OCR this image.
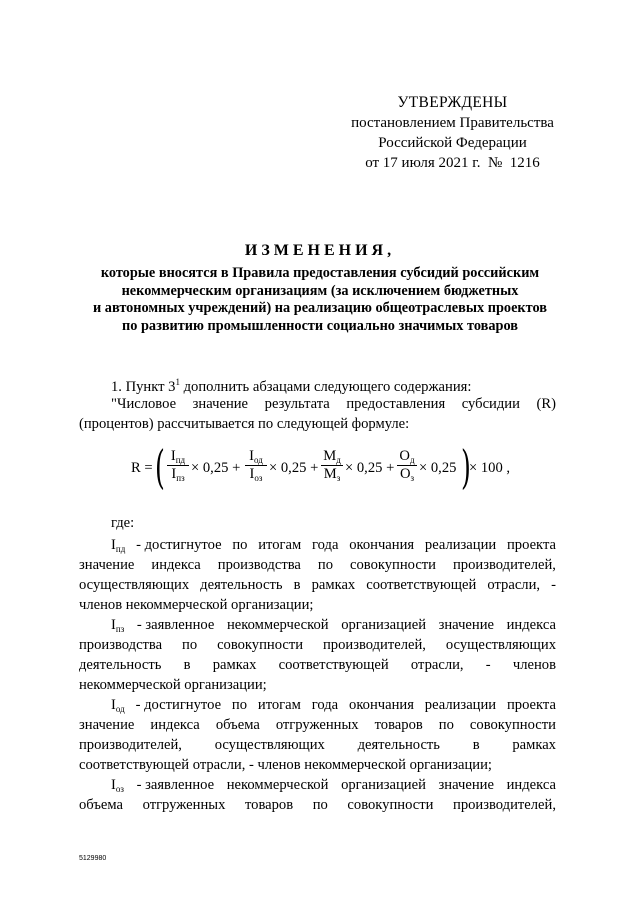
УТВЕРЖДЕНЫ
постановлением Правительства
Российской Федерации
от 17 июля 2021 г.  №  1216
ИЗМЕНЕНИЯ,
которые вносятся в Правила предоставления субсидий российским
некоммерческим организациям (за исключением бюджетных
и автономных учреждений) на реализацию общеотраслевых проектов
по развитию промышленности социально значимых товаров
1. Пункт $3^1$ дополнить абзацами следующего содержания:
"Числовое значение результата предоставления субсидии (R)
(процентов) рассчитывается по следующей формуле:
где:
$I_{пд}$ - достигнутое по итогам года окончания реализации проекта
значение индекса производства по совокупности производителей,
осуществляющих деятельность в рамках соответствующей отрасли, -
членов некоммерческой организации;
$I_{пз}$ - заявленное некоммерческой организацией значение индекса
производства по совокупности производителей, осуществляющих
деятельность в рамках соответствующей отрасли, - членов
некоммерческой организации;
$I_{од}$ - достигнутое по итогам года окончания реализации проекта
значение индекса объема отгруженных товаров по совокупности
производителей, осуществляющих деятельность в рамках
соответствующей отрасли, - членов некоммерческой организации;
$I_{оз}$ - заявленное некоммерческой организацией значение индекса
объема отгруженных товаров по совокупности производителей,
R = ( $I_{пд}$
$I_{пз}$
× 0,25 +
$I_{од}$
$I_{оз}$
× 0,25 +
$М_д$
$М_з$
× 0,25 +
$О_д$
$О_з$
× 0,25 )
× 100 ,
5129980
